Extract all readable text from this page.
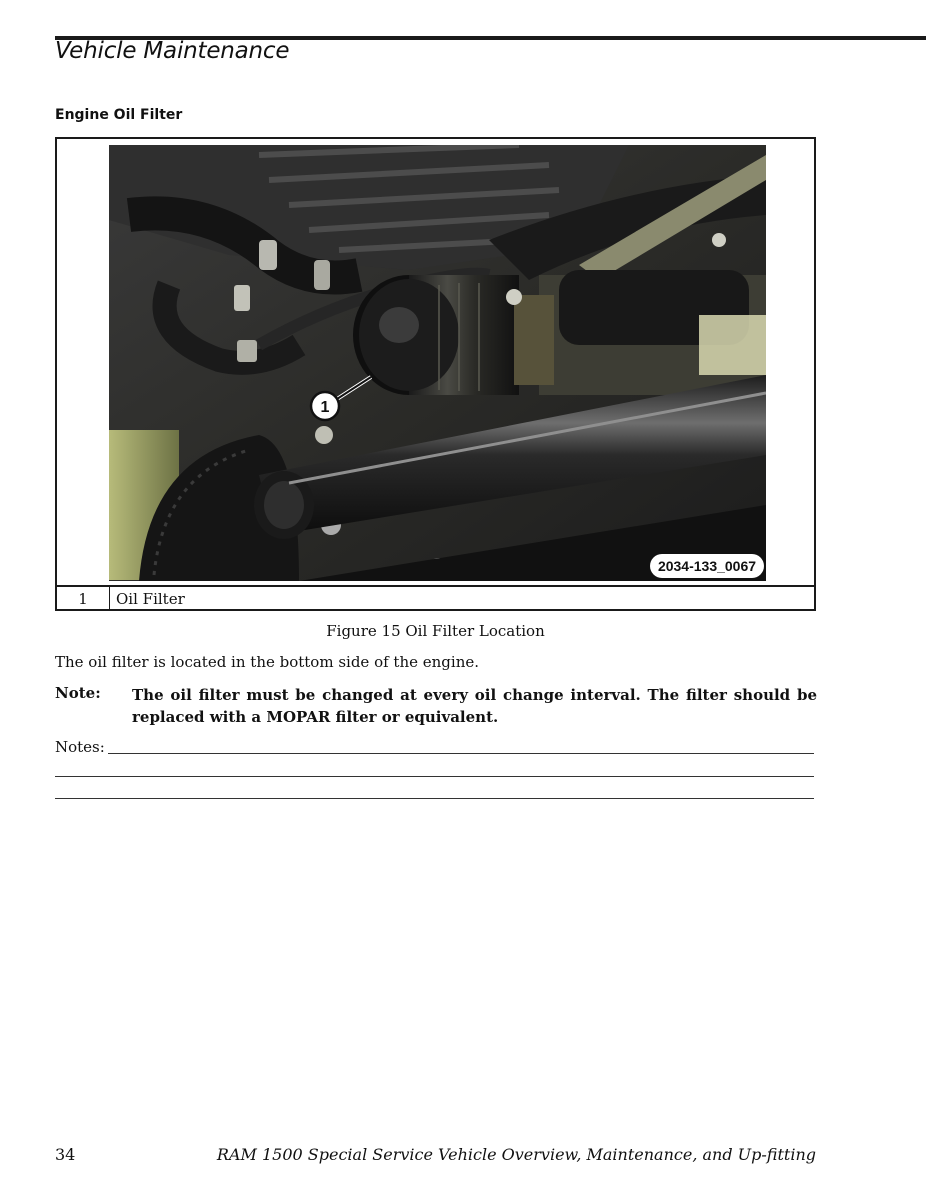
Vehicle Maintenance
Engine Oil Filter
1
2034-133_0067
1	Oil Filter
Figure 15 Oil Filter Location
The oil filter is located in the bottom side of the engine.
Note: The oil filter must be changed at every oil change interval. The filter should be replaced with a MOPAR filter or equivalent.
Notes:
34	RAM 1500 Special Service Vehicle Overview, Maintenance, and Up-fitting
